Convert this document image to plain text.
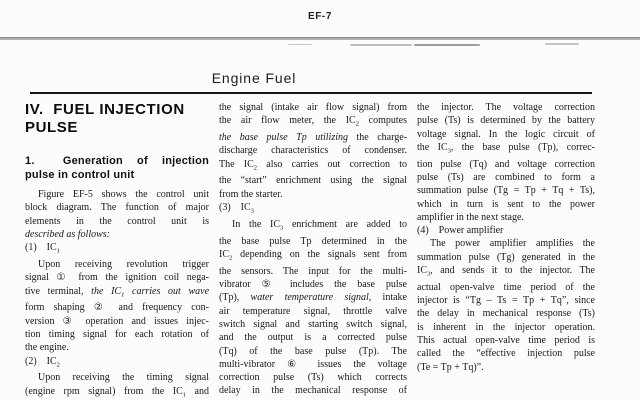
EF-7
Engine Fuel
IV.  FUEL INJECTION
PULSE
1.  Generation of injection
pulse in control unit
Figure EF-5 shows the control unit
block diagram. The function of major
elements in the control unit is
described as follows:
(1)    $IC_1$
Upon receiving revolution trigger
signal ① from the ignition coil nega-
tive terminal, the $IC_1$ carries out wave
form shaping ② and frequency con-
version ③ operation and issues injec-
tion timing signal for each rotation of
the engine.
(2)    $IC_2$
Upon receiving the timing signal
(engine rpm signal) from the $IC_1$ and
the signal (intake air flow signal) from
the air flow meter, the $IC_2$ computes
the base pulse Tp utilizing the charge-
discharge characteristics of condenser.
The $IC_2$ also carries out correction to
the “start” enrichment using the signal
from the starter.
(3)    $IC_3$
In the $IC_3$ enrichment are added to
the base pulse Tp determined in the
$IC_2$ depending on the signals sent from
the sensors. The input for the multi-
vibrator ⑤ includes the base pulse
(Tp), water temperature signal, intake
air temperature signal, throttle valve
switch signal and starting switch signal,
and the output is a corrected pulse
(Tq) of the base pulse (Tp). The
multi-vibrator ⑥ issues the voltage
correction pulse (Ts) which corrects
delay in the mechanical response of
the injector. The voltage correction
pulse (Ts) is determined by the battery
voltage signal. In the logic circuit of
the $IC_3$, the base pulse (Tp), correc-
tion pulse (Tq) and voltage correction
pulse (Ts) are combined to form a
summation pulse (Tg = Tp + Tq + Ts),
which in turn is sent to the power
amplifier in the next stage.
(4)    Power amplifier
The power amplifier amplifies the
summation pulse (Tg) generated in the
$IC_3$, and sends it to the injector. The
actual open-valve time period of the
injector is “Tg – Ts = Tp + Tq”, since
the delay in mechanical response (Ts)
is inherent in the injector operation.
This actual open-valve time period is
called the “effective injection pulse
(Te = Tp + Tq)”.
